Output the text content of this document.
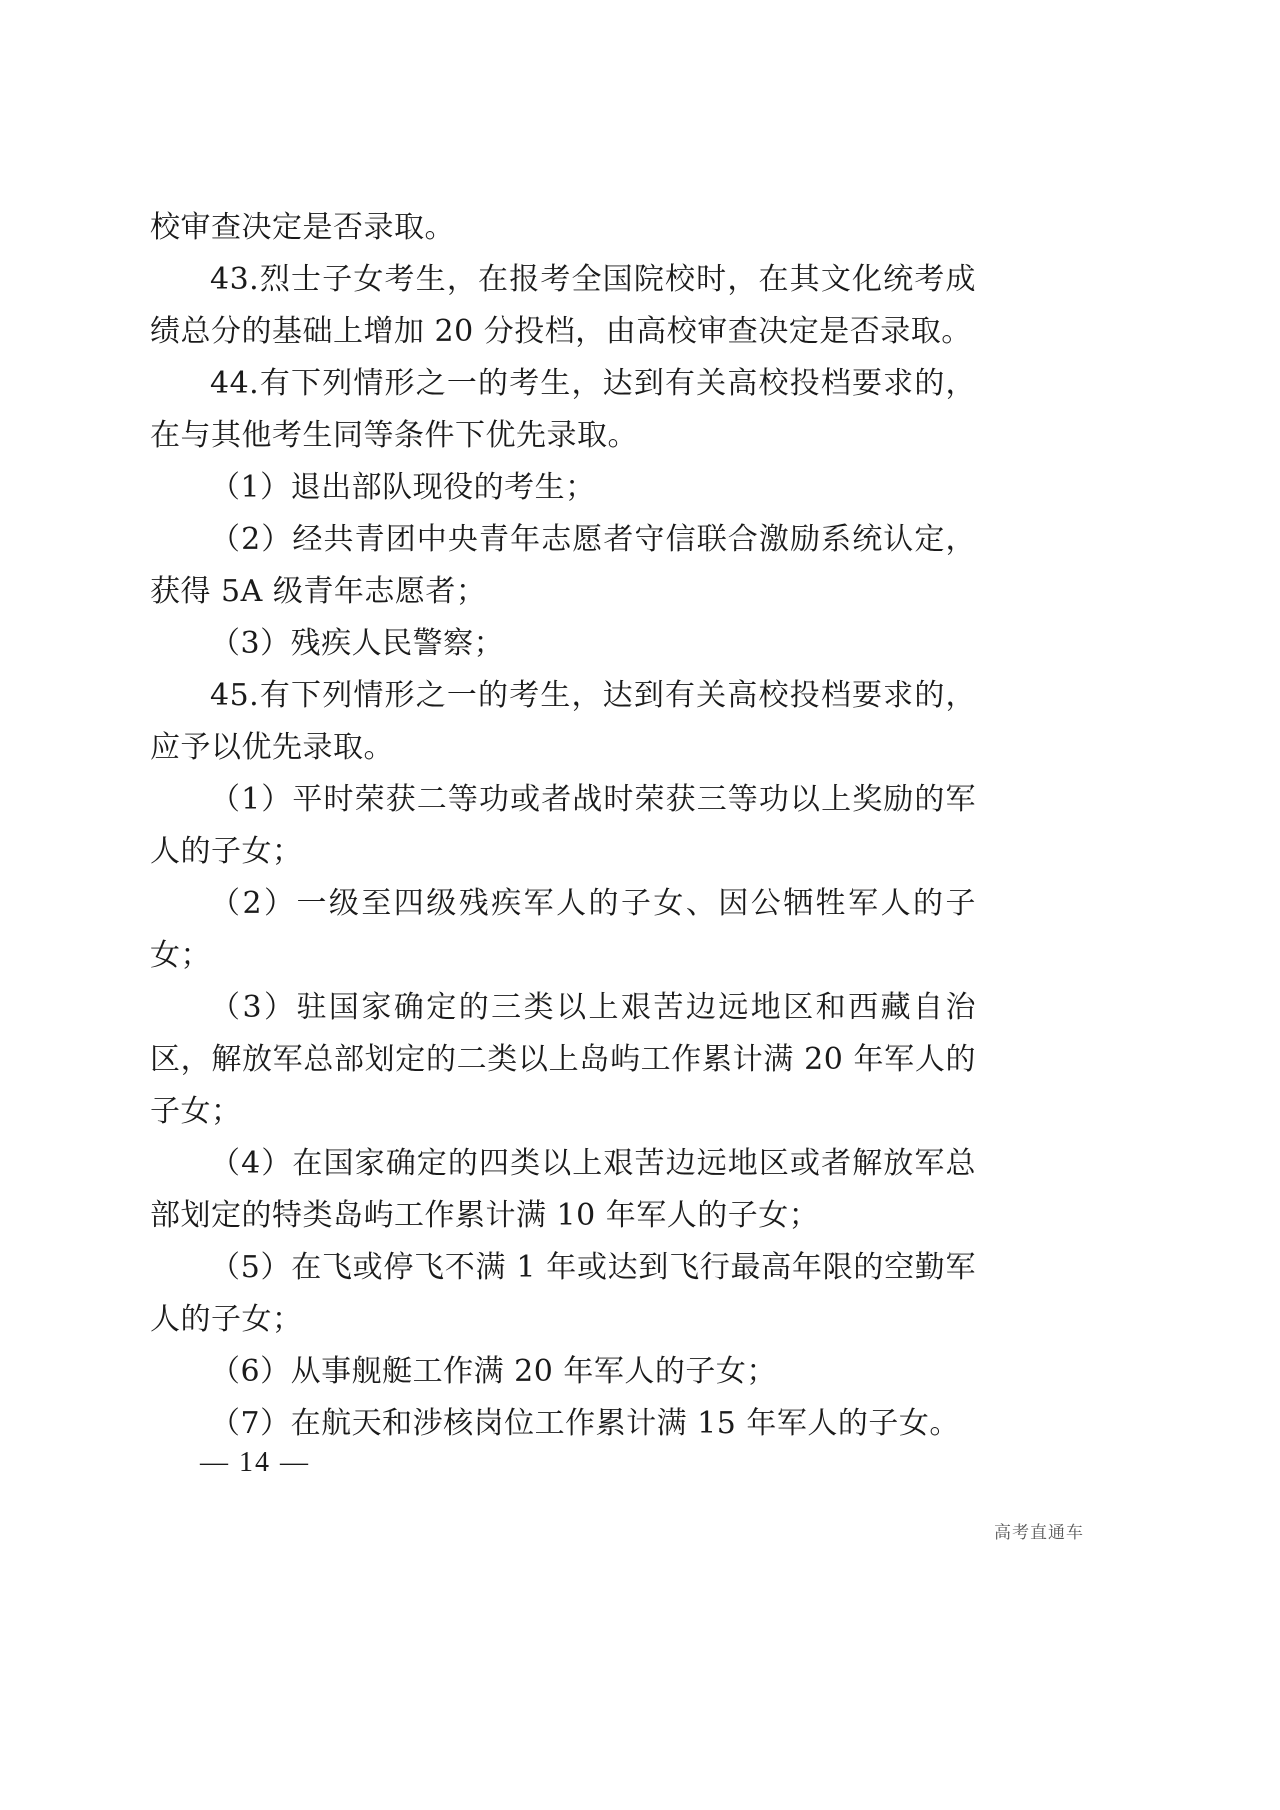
校审查决定是否录取。

43.烈士子女考生，在报考全国院校时，在其文化统考成绩总分的基础上增加 20 分投档，由高校审查决定是否录取。

44.有下列情形之一的考生，达到有关高校投档要求的，在与其他考生同等条件下优先录取。

（1）退出部队现役的考生；

（2）经共青团中央青年志愿者守信联合激励系统认定，获得 5A 级青年志愿者；

（3）残疾人民警察；

45.有下列情形之一的考生，达到有关高校投档要求的，应予以优先录取。

（1）平时荣获二等功或者战时荣获三等功以上奖励的军人的子女；

（2）一级至四级残疾军人的子女、因公牺牲军人的子女；

（3）驻国家确定的三类以上艰苦边远地区和西藏自治区，解放军总部划定的二类以上岛屿工作累计满 20 年军人的子女；

（4）在国家确定的四类以上艰苦边远地区或者解放军总部划定的特类岛屿工作累计满 10 年军人的子女；

（5）在飞或停飞不满 1 年或达到飞行最高年限的空勤军人的子女；

（6）从事舰艇工作满 20 年军人的子女；

（7）在航天和涉核岗位工作累计满 15 年军人的子女。

— 14 —
高考直通车
